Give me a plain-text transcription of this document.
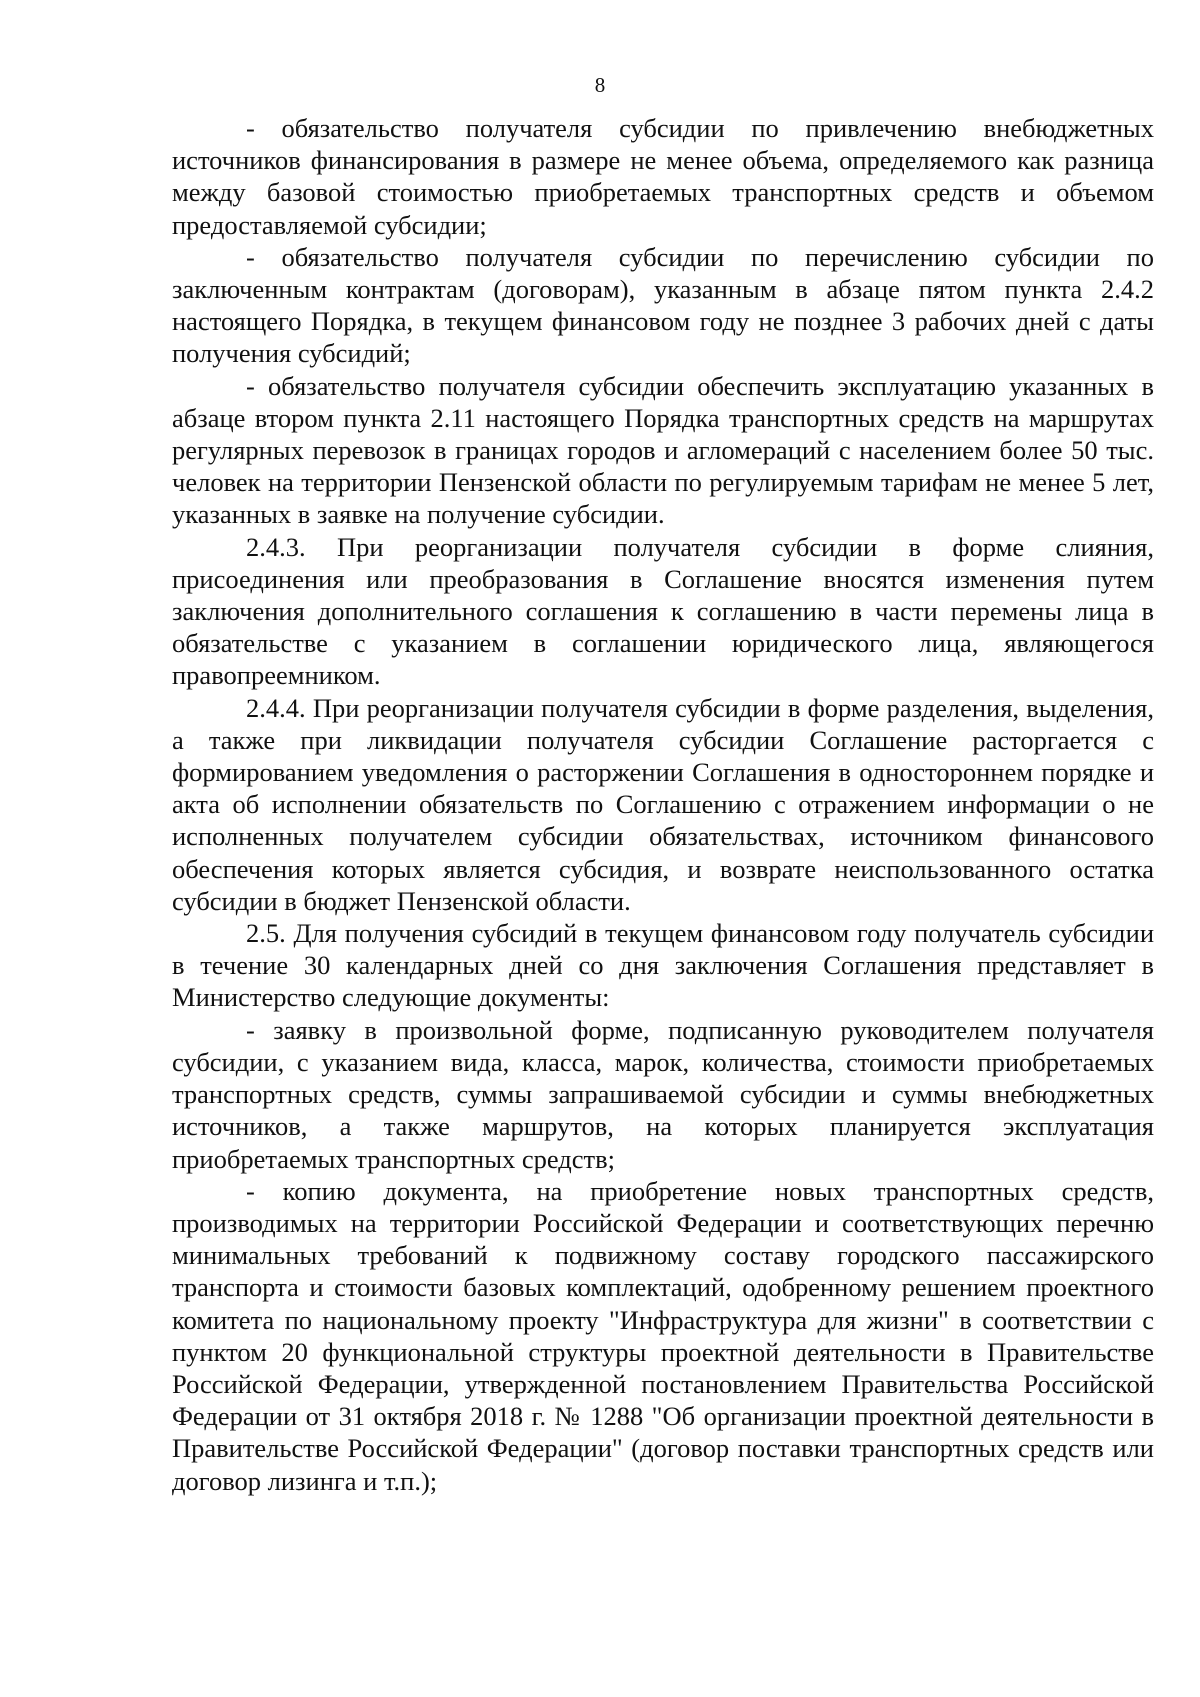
8

- обязательство получателя субсидии по привлечению внебюджетных источников финансирования в размере не менее объема, определяемого как разница между базовой стоимостью приобретаемых транспортных средств и объемом предоставляемой субсидии;

- обязательство получателя субсидии по перечислению субсидии по заключенным контрактам (договорам), указанным в абзаце пятом пункта 2.4.2 настоящего Порядка, в текущем финансовом году не позднее 3 рабочих дней с даты получения субсидий;

- обязательство получателя субсидии обеспечить эксплуатацию указанных в абзаце втором пункта 2.11 настоящего Порядка транспортных средств на маршрутах регулярных перевозок в границах городов и агломераций с населением более 50 тыс. человек на территории Пензенской области по регулируемым тарифам не менее 5 лет, указанных в заявке на получение субсидии.

2.4.3. При реорганизации получателя субсидии в форме слияния, присоединения или преобразования в Соглашение вносятся изменения путем заключения дополнительного соглашения к соглашению в части перемены лица в обязательстве с указанием в соглашении юридического лица, являющегося правопреемником.

2.4.4. При реорганизации получателя субсидии в форме разделения, выделения, а также при ликвидации получателя субсидии Соглашение расторгается с формированием уведомления о расторжении Соглашения в одностороннем порядке и акта об исполнении обязательств по Соглашению с отражением информации о не исполненных получателем субсидии обязательствах, источником финансового обеспечения которых является субсидия, и возврате неиспользованного остатка субсидии в бюджет Пензенской области.

2.5. Для получения субсидий в текущем финансовом году получатель субсидии в течение 30 календарных дней со дня заключения Соглашения представляет в Министерство следующие документы:

- заявку в произвольной форме, подписанную руководителем получателя субсидии, с указанием вида, класса, марок, количества, стоимости приобретаемых транспортных средств, суммы запрашиваемой субсидии и суммы внебюджетных источников, а также маршрутов, на которых планируется эксплуатация приобретаемых транспортных средств;

- копию документа, на приобретение новых транспортных средств, производимых на территории Российской Федерации и соответствующих перечню минимальных требований к подвижному составу городского пассажирского транспорта и стоимости базовых комплектаций, одобренному решением проектного комитета по национальному проекту "Инфраструктура для жизни" в соответствии с пунктом 20 функциональной структуры проектной деятельности в Правительстве Российской Федерации, утвержденной постановлением Правительства Российской Федерации от 31 октября 2018 г. № 1288 "Об организации проектной деятельности в Правительстве Российской Федерации" (договор поставки транспортных средств или договор лизинга и т.п.);
